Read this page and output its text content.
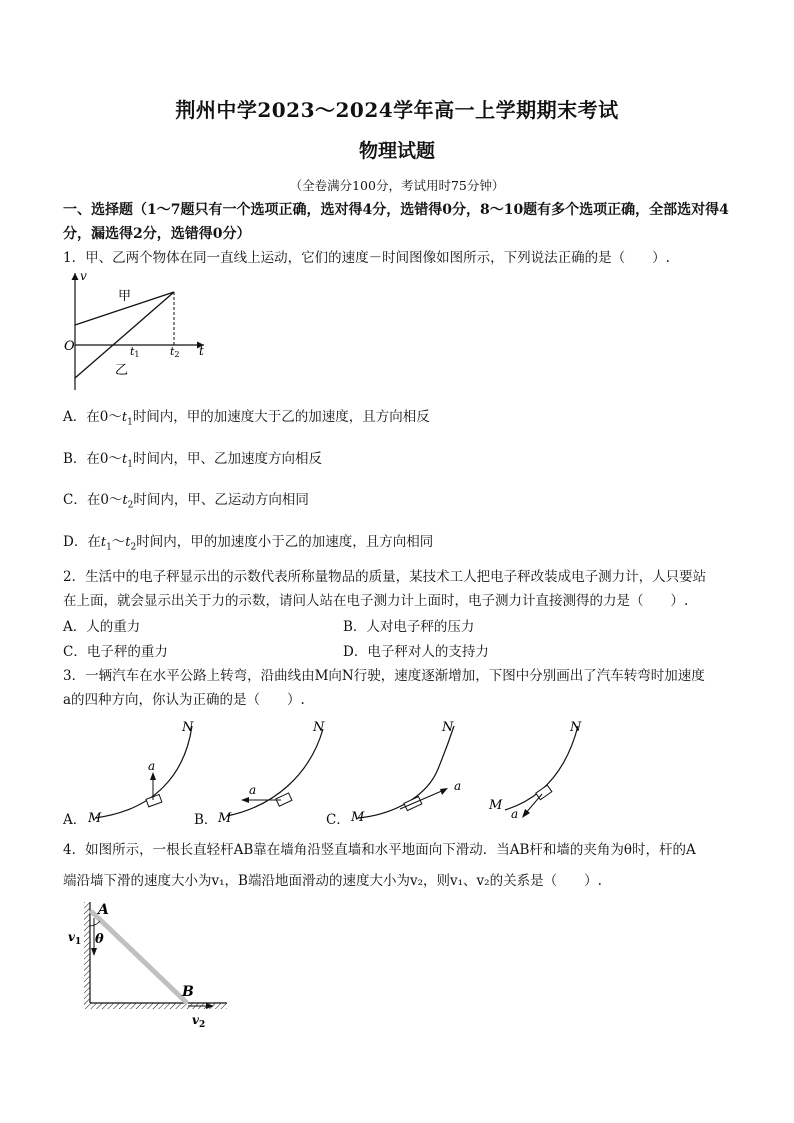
荆州中学2023～2024学年高一上学期期末考试
物理试题
（全卷满分100分，考试用时75分钟）
一、选择题（1～7题只有一个选项正确，选对得4分，选错得0分，8～10题有多个选项正确，全部选对得4分，漏选得2分，选错得0分）
1．甲、乙两个物体在同一直线上运动，它们的速度－时间图像如图所示，下列说法正确的是（　　）.
v
t
O
甲
乙
t1	t2
A．在$0\sim t_1$时间内，甲的加速度大于乙的加速度，且方向相反
B．在$0\sim t_1$时间内，甲、乙加速度方向相反
C．在$0\sim t_2$时间内，甲、乙运动方向相同
D．在$t_1\sim t_2$时间内，甲的加速度小于乙的加速度，且方向相同
2．生活中的电子秤显示出的示数代表所称量物品的质量，某技术工人把电子秤改装成电子测力计，人只要站
在上面，就会显示出关于力的示数，请问人站在电子测力计上面时，电子测力计直接测得的力是（　　）.
A．人的重力	B．人对电子秤的压力
C．电子秤的重力	D．电子秤对人的支持力
3．一辆汽车在水平公路上转弯，沿曲线由M向N行驶，速度逐渐增加，下图中分别画出了汽车转弯时加速度
a的四种方向，你认为正确的是（　　）.
A．
a
M
N
B．
a
M
N
C．
a
M
N
a
M
N
4．如图所示，一根长直轻杆AB靠在墙角沿竖直墙和水平地面向下滑动．当AB杆和墙的夹角为θ时，杆的A
端沿墙下滑的速度大小为v₁，B端沿地面滑动的速度大小为v₂，则v₁、v₂的关系是（　　）.
A
B
θ
$v_1$
$v_2$
